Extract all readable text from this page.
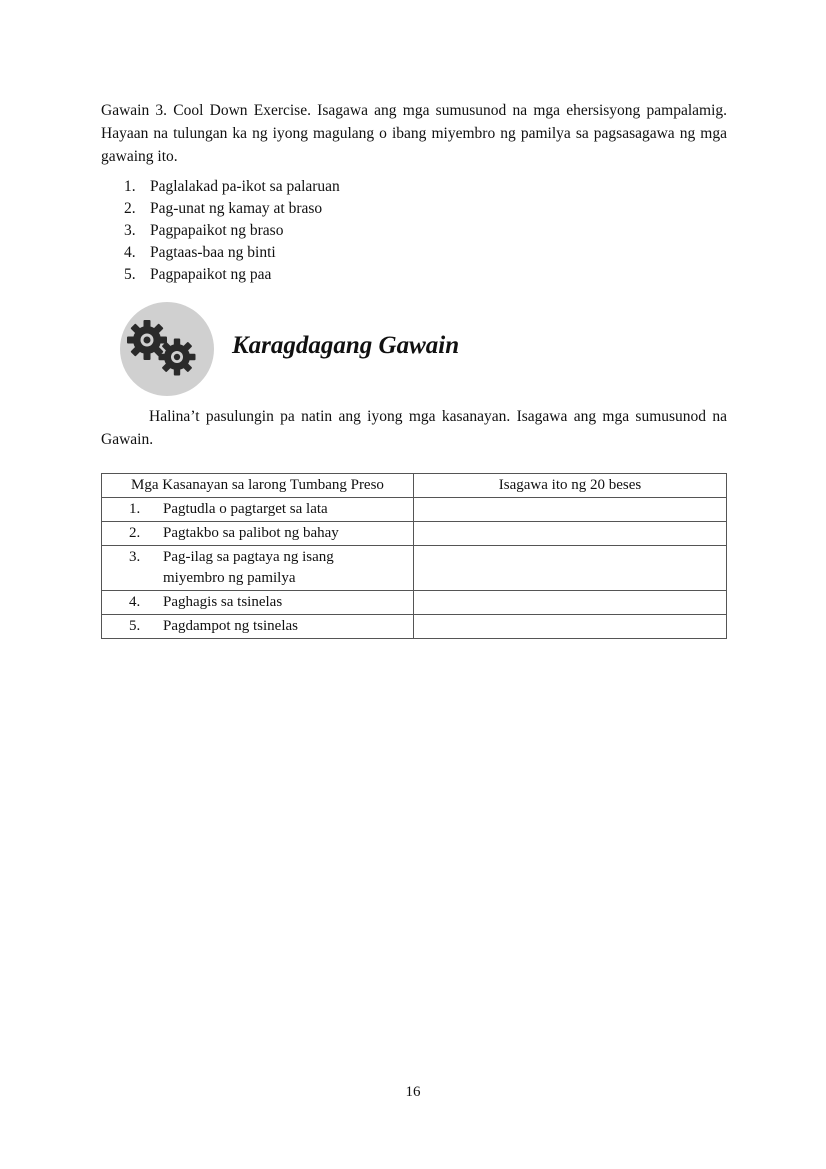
Gawain 3. Cool Down Exercise. Isagawa ang mga sumusunod na mga ehersisyong pampalamig. Hayaan na tulungan ka ng iyong magulang o ibang miyembro ng pamilya sa pagsasagawa ng mga gawaing ito.

1. Paglalakad pa-ikot sa palaruan
2. Pag-unat ng kamay at braso
3. Pagpapaikot ng braso
4. Pagtaas-baa ng binti
5. Pagpapaikot ng paa
Karagdagang Gawain

Halina’t pasulungin pa natin ang iyong mga kasanayan. Isagawa ang mga sumusunod na Gawain.

Mga Kasanayan sa larong Tumbang Preso	Isagawa ito ng 20 beses

1. Pagtudla o pagtarget sa lata	

2. Pagtakbo sa palibot ng bahay	

3. Pag-ilag sa pagtaya ng isang miyembro ng pamilya	

4. Paghagis sa tsinelas	

5. Pagdampot ng tsinelas	

16
